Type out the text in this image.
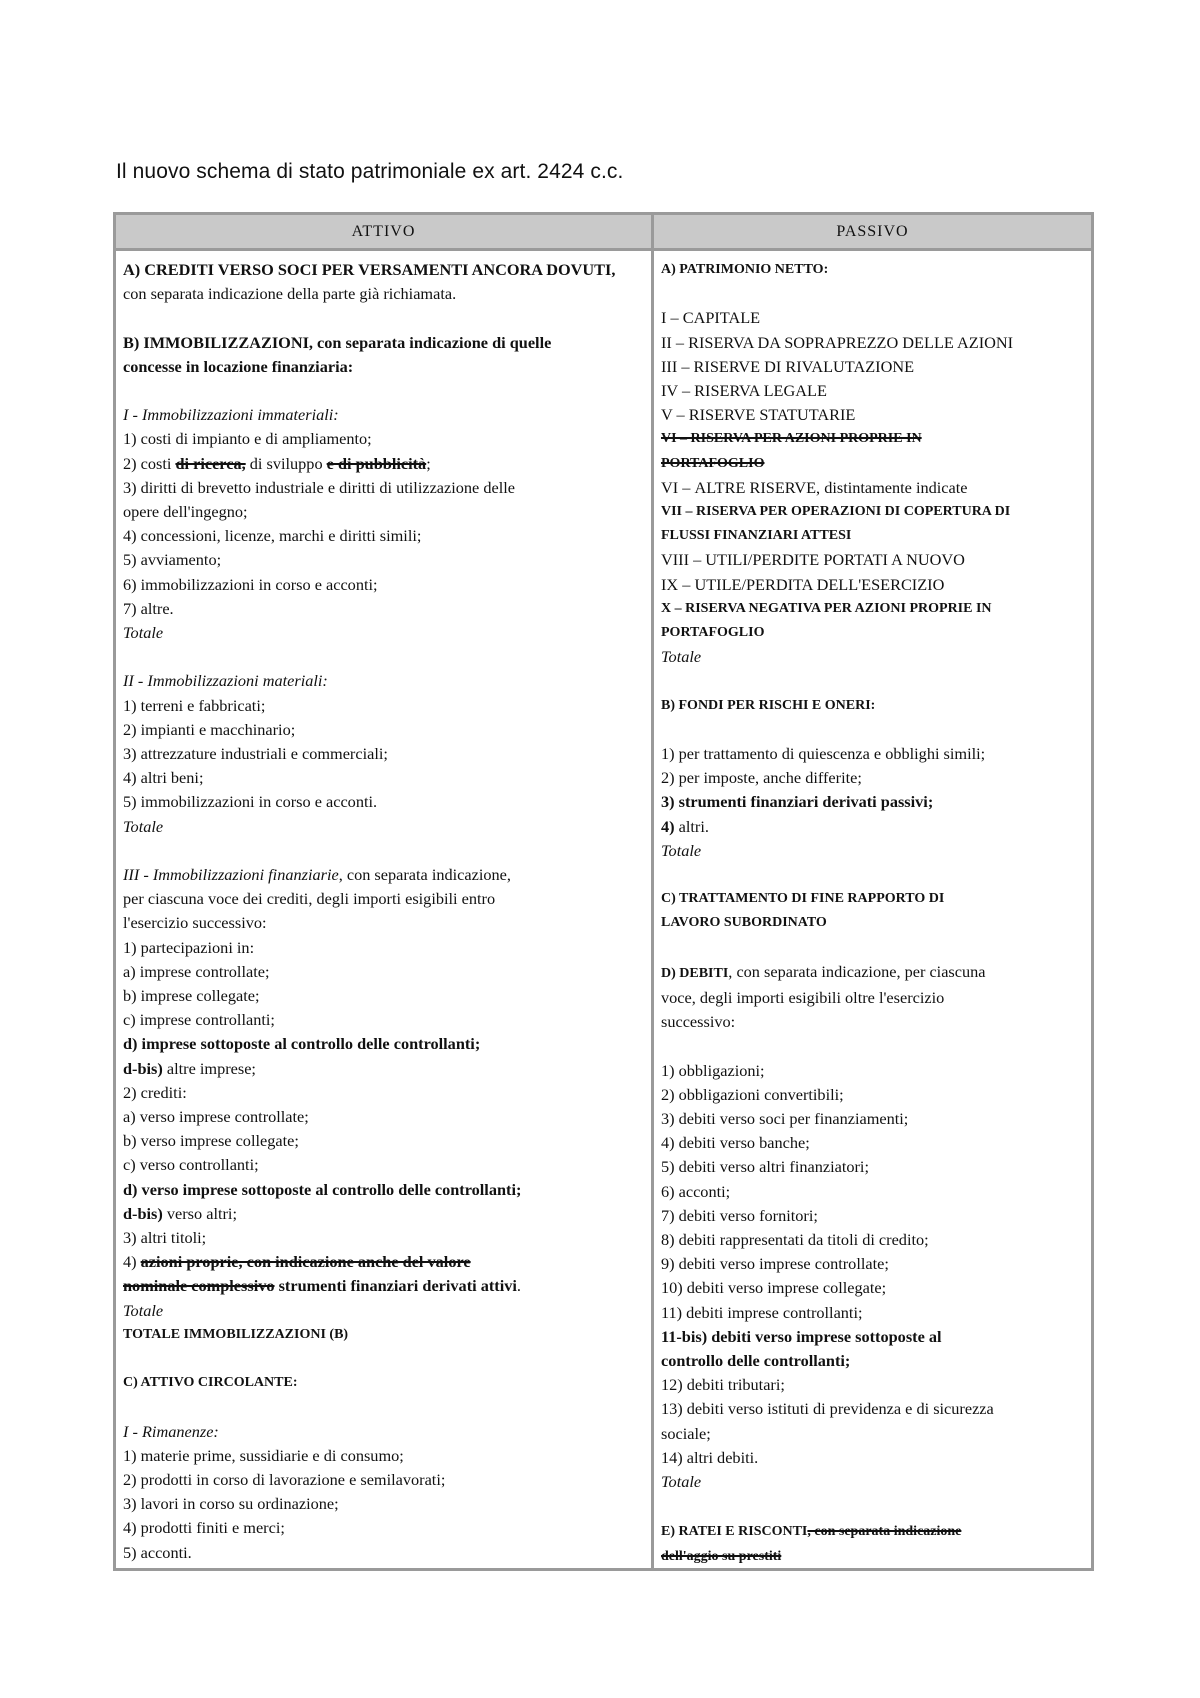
Il nuovo schema di stato patrimoniale ex art. 2424 c.c.
ATTIVO	PASSIVO
A) CREDITI VERSO SOCI PER VERSAMENTI ANCORA DOVUTI,
con separata indicazione della parte già richiamata.
B) IMMOBILIZZAZIONI, con separata indicazione di quelle
concesse in locazione finanziaria:
I - Immobilizzazioni immateriali:
1) costi di impianto e di ampliamento;
2) costi di ricerca, di sviluppo e di pubblicità;
3) diritti di brevetto industriale e diritti di utilizzazione delle
opere dell'ingegno;
4) concessioni, licenze, marchi e diritti simili;
5) avviamento;
6) immobilizzazioni in corso e acconti;
7) altre.
Totale
II - Immobilizzazioni materiali:
1) terreni e fabbricati;
2) impianti e macchinario;
3) attrezzature industriali e commerciali;
4) altri beni;
5) immobilizzazioni in corso e acconti.
Totale
III - Immobilizzazioni finanziarie, con separata indicazione,
per ciascuna voce dei crediti, degli importi esigibili entro
l'esercizio successivo:
1) partecipazioni in:
a) imprese controllate;
b) imprese collegate;
c) imprese controllanti;
d) imprese sottoposte al controllo delle controllanti;
d-bis) altre imprese;
2) crediti:
a) verso imprese controllate;
b) verso imprese collegate;
c) verso controllanti;
d) verso imprese sottoposte al controllo delle controllanti;
d-bis) verso altri;
3) altri titoli;
4) azioni proprie, con indicazione anche del valore
nominale complessivo strumenti finanziari derivati attivi.
Totale
TOTALE IMMOBILIZZAZIONI (B)
C) ATTIVO CIRCOLANTE:
I - Rimanenze:
1) materie prime, sussidiarie e di consumo;
2) prodotti in corso di lavorazione e semilavorati;
3) lavori in corso su ordinazione;
4) prodotti finiti e merci;
5) acconti.
A) PATRIMONIO NETTO:
I – CAPITALE
II – RISERVA DA SOPRAPREZZO DELLE AZIONI
III – RISERVE DI RIVALUTAZIONE
IV – RISERVA LEGALE
V – RISERVE STATUTARIE
VI – RISERVA PER AZIONI PROPRIE IN
PORTAFOGLIO
VI – ALTRE RISERVE, distintamente indicate
VII – RISERVA PER OPERAZIONI DI COPERTURA DI
FLUSSI FINANZIARI ATTESI
VIII – UTILI/PERDITE PORTATI A NUOVO
IX – UTILE/PERDITA DELL'ESERCIZIO
X – RISERVA NEGATIVA PER AZIONI PROPRIE IN
PORTAFOGLIO
Totale
B) FONDI PER RISCHI E ONERI:
1) per trattamento di quiescenza e obblighi simili;
2) per imposte, anche differite;
3) strumenti finanziari derivati passivi;
4) altri.
Totale
C) TRATTAMENTO DI FINE RAPPORTO DI
LAVORO SUBORDINATO
D) DEBITI, con separata indicazione, per ciascuna
voce, degli importi esigibili oltre l'esercizio
successivo:
1) obbligazioni;
2) obbligazioni convertibili;
3) debiti verso soci per finanziamenti;
4) debiti verso banche;
5) debiti verso altri finanziatori;
6) acconti;
7) debiti verso fornitori;
8) debiti rappresentati da titoli di credito;
9) debiti verso imprese controllate;
10) debiti verso imprese collegate;
11) debiti imprese controllanti;
11-bis) debiti verso imprese sottoposte al
controllo delle controllanti;
12) debiti tributari;
13) debiti verso istituti di previdenza e di sicurezza
sociale;
14) altri debiti.
Totale
E) RATEI E RISCONTI, con separata indicazione
dell'aggio su prestiti
